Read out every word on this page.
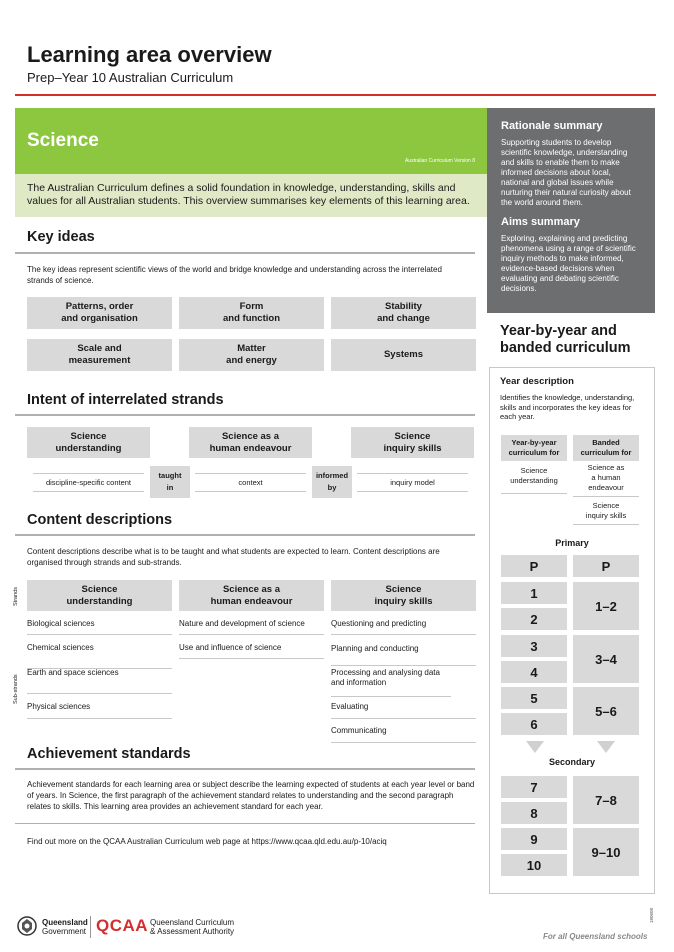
Learning area overview
Prep–Year 10 Australian Curriculum
Science
Australian Curriculum Version 8
The Australian Curriculum defines a solid foundation in knowledge, understanding, skills and values for all Australian students. This overview summarises key elements of this learning area.
Key ideas
The key ideas represent scientific views of the world and bridge knowledge and understanding across the interrelated strands of science.
Patterns, order
and organisation
Form
and function
Stability
and change
Scale and
measurement
Matter
and energy
Systems
Intent of interrelated strands
Science
understanding
Science as a
human endeavour
Science
inquiry skills
discipline-specific content
taught
in
context
informed
by
inquiry model
Content descriptions
Content descriptions describe what is to be taught and what students are expected to learn. Content descriptions are organised through strands and sub-strands.
Strands
Sub-strands
Science
understanding
Science as a
human endeavour
Science
inquiry skills
Biological sciences
Chemical sciences
Earth and space sciences
Physical sciences
Nature and development of science
Use and influence of science
Questioning and predicting
Planning and conducting
Processing and analysing data and information
Evaluating
Communicating
Achievement standards
Achievement standards for each learning area or subject describe the learning expected of students at each year level or band of years. In Science, the first paragraph of the achievement standard relates to understanding and the second paragraph relates to skills. This learning area provides an achievement standard for each year.
Find out more on the QCAA Australian Curriculum web page at https://www.qcaa.qld.edu.au/p-10/aciq
Rationale summary

Supporting students to develop scientific knowledge, understanding and skills to enable them to make informed decisions about local, national and global issues while nurturing their natural curiosity about the world around them.

Aims summary

Exploring, explaining and predicting phenomena using a range of scientific inquiry methods to make informed, evidence-based decisions when evaluating and debating scientific decisions.

Year-by-year and
banded curriculum
Year description
Identifies the knowledge, understanding, skills and incorporates the key ideas for each year.
Year-by-year
curriculum for
Banded
curriculum for
Science
understanding
Science as
a human
endeavour
Science
inquiry skills
Primary
P	P
1
2
1–2
3
4
3–4
5
6
5–6
Secondary
7
8
7–8
9
10
9–10
Queensland
Government QCAA Queensland Curriculum
& Assessment Authority
180608
For all Queensland schools
